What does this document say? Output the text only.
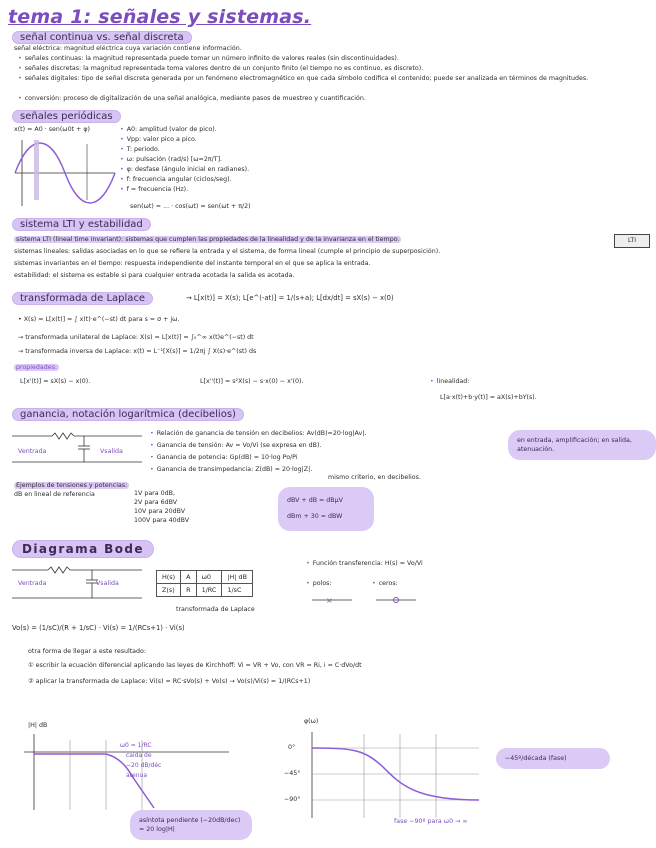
tema 1: señales y sistemas.
señal continua vs. señal discreta
señal eléctrica: magnitud eléctrica cuya variación contiene información.
• señales continuas: la magnitud representada puede tomar un número infinito de valores reales (sin discontinuidades).
• señales discretas: la magnitud representada toma valores dentro de un conjunto finito (el tiempo no es continuo, es discreto).
• señales digitales: tipo de señal discreta generada por un fenómeno electromagnético en que cada símbolo codifica el contenido; puede ser analizada en términos de magnitudes.
• conversión: proceso de digitalización de una señal analógica, mediante pasos de muestreo y cuantificación.
señales periódicas
x(t) = A0 · sen(ω0t + φ)	• A0: amplitud (valor de pico).
• Vpp: valor pico a pico.
• T: periodo.
• ω: pulsación (rad/s) [ω=2π/T].
• φ: desfase (ángulo inicial en radianes).
• f: frecuencia angular (ciclos/seg).
• f = frecuencia (Hz).
sen(ωt) = ... · cos(ωt) = sen(ωt + π/2)
sistema LTI y estabilidad
sistema LTI (lineal time invariant): sistemas que cumplen las propiedades de la linealidad y de la invarianza en el tiempo.
sistemas lineales: salidas asociadas en lo que se refiere la entrada y el sistema, de forma lineal (cumple el principio de superposición).
sistemas invariantes en el tiempo: respuesta independiente del instante temporal en el que se aplica la entrada.
estabilidad: el sistema es estable si para cualquier entrada acotada la salida es acotada.
LTI
transformada de Laplace	→ L[x(t)] = X(s); L[e^(-at)] = 1/(s+a); L[dx/dt] = sX(s) − x(0)
• X(s) = L[x(t)] = ∫ x(t)·e^(−st) dt para s = σ + jω.
→ transformada unilateral de Laplace: X(s) = L[x(t)] = ∫₀^∞ x(t)e^(−st) dt
→ transformada inversa de Laplace: x(t) = L⁻¹[X(s)] = 1/2πj ∫ X(s)·e^(st) ds
propiedades:
L[x'(t)] = sX(s) − x(0).	L[x''(t)] = s²X(s) − s·x(0) − x'(0).	• linealidad:
L[a·x(t)+b·y(t)] = aX(s)+bY(s).
ganancia, notación logarítmica (decibelios)
Ventrada	Vsalida
• Relación de ganancia de tensión en decibelios: Av(dB)=20·log|Av|.
• Ganancia de tensión: Av = Vo/Vi (se expresa en dB).
• Ganancia de potencia: Gp(dB) = 10·log Po/Pi
• Ganancia de transimpedancia: Z(dB) = 20·log|Z|.
mismo criterio, en decibelios.
en entrada, amplificación; en salida, atenuación.
Ejemplos de tensiones y potencias:
dB en lineal de referencia	1V para 0dB,
2V para 6dBV
10V para 20dBV
100V para 40dBV
dBV + dB = dBµV
dBm + 30 = dBW
Diagrama Bode
Ventrada	Vsalida
H(s)	A	ω0	|H| dB
Z(s)	R	1/RC	1/sC
transformada de Laplace
• Función transferencia: H(s) = Vo/Vi
• polos:	• ceros:
×
Vo(s) = (1/sC)/(R + 1/sC) · Vi(s) = 1/(RCs+1) · Vi(s)
otra forma de llegar a este resultado:
① escribir la ecuación diferencial aplicando las leyes de Kirchhoff: Vi = VR + Vo, con VR = Ri, i = C·dVo/dt
② aplicar la transformada de Laplace: Vi(s) = RC·sVo(s) + Vo(s) → Vo(s)/Vi(s) = 1/(RCs+1)
|H| dB
ω0 = 1/RC
caída de
−20 dB/déc
atenua
asíntota pendiente (−20dB/dec) = 20 log|H|
φ(ω)
0°
−45°
−90°
−45º/década (fase)
fase −90º para ω0 → ∞
